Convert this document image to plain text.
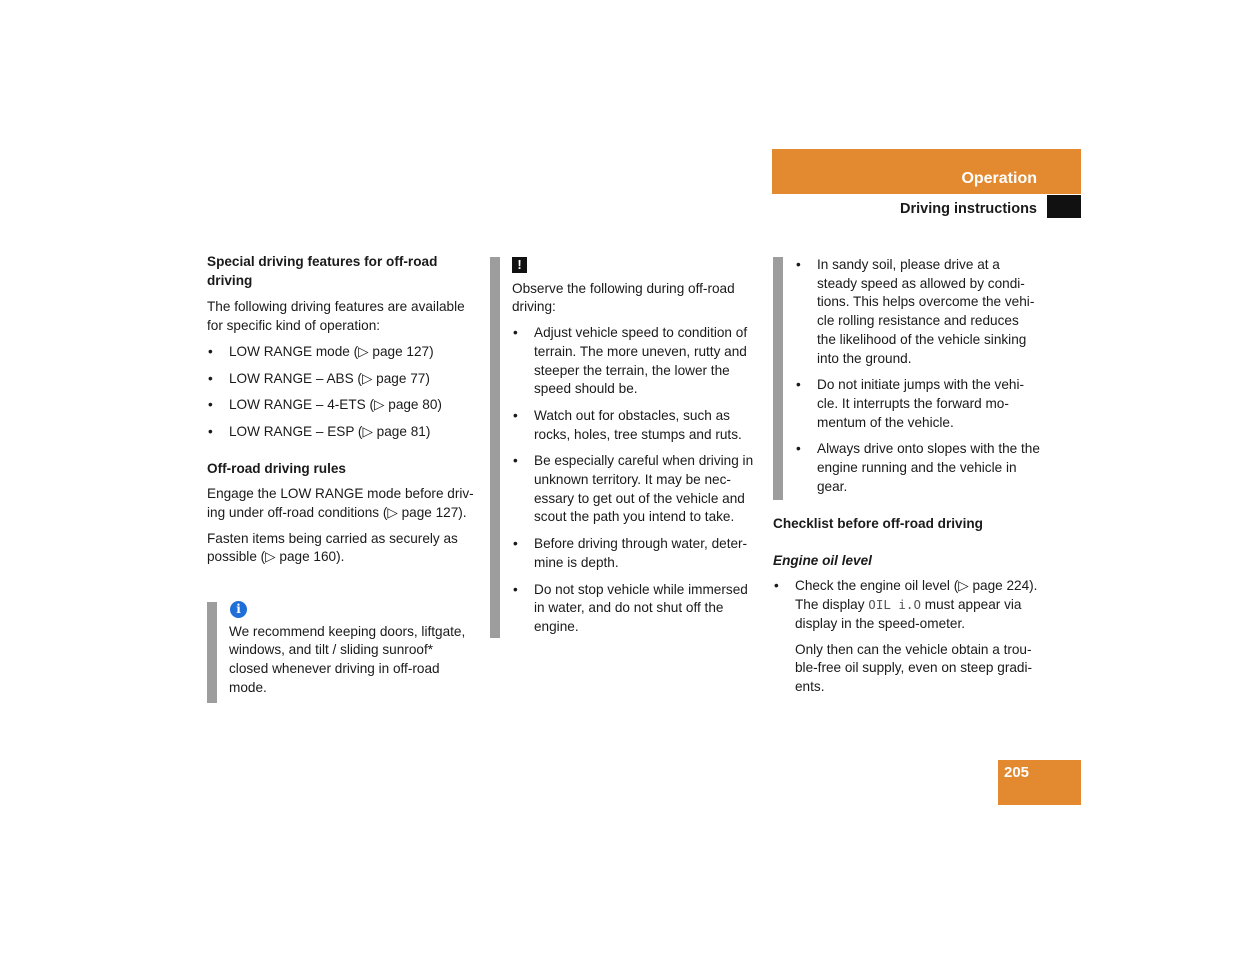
Operation
Driving instructions
Special driving features for off-road driving

The following driving features are available for specific kind of operation:

• LOW RANGE mode (▷ page 127)
• LOW RANGE – ABS (▷ page 77)
• LOW RANGE – 4-ETS (▷ page 80)
• LOW RANGE – ESP (▷ page 81)
Off-road driving rules

Engage the LOW RANGE mode before driv-ing under off-road conditions (▷ page 127).

Fasten items being carried as securely as possible (▷ page 160).

i

We recommend keeping doors, liftgate, windows, and tilt / sliding sunroof* closed whenever driving in off-road mode.

!

Observe the following during off-road driving:

• Adjust vehicle speed to condition of terrain. The more uneven, rutty and steeper the terrain, the lower the speed should be.
• Watch out for obstacles, such as rocks, holes, tree stumps and ruts.
• Be especially careful when driving in unknown territory. It may be nec-essary to get out of the vehicle and scout the path you intend to take.
• Before driving through water, deter-mine is depth.
• Do not stop vehicle while immersed in water, and do not shut off the engine.
• In sandy soil, please drive at a steady speed as allowed by condi-tions. This helps overcome the vehi-cle rolling resistance and reduces the likelihood of the vehicle sinking into the ground.
• Do not initiate jumps with the vehi-cle. It interrupts the forward mo-mentum of the vehicle.
• Always drive onto slopes with the the engine running and the vehicle in gear.
Checklist before off-road driving
Engine oil level
• Check the engine oil level (▷ page 224). The display OIL i.O must appear via display in the speed-ometer.

Only then can the vehicle obtain a trou-ble-free oil supply, even on steep gradi-ents.

205
